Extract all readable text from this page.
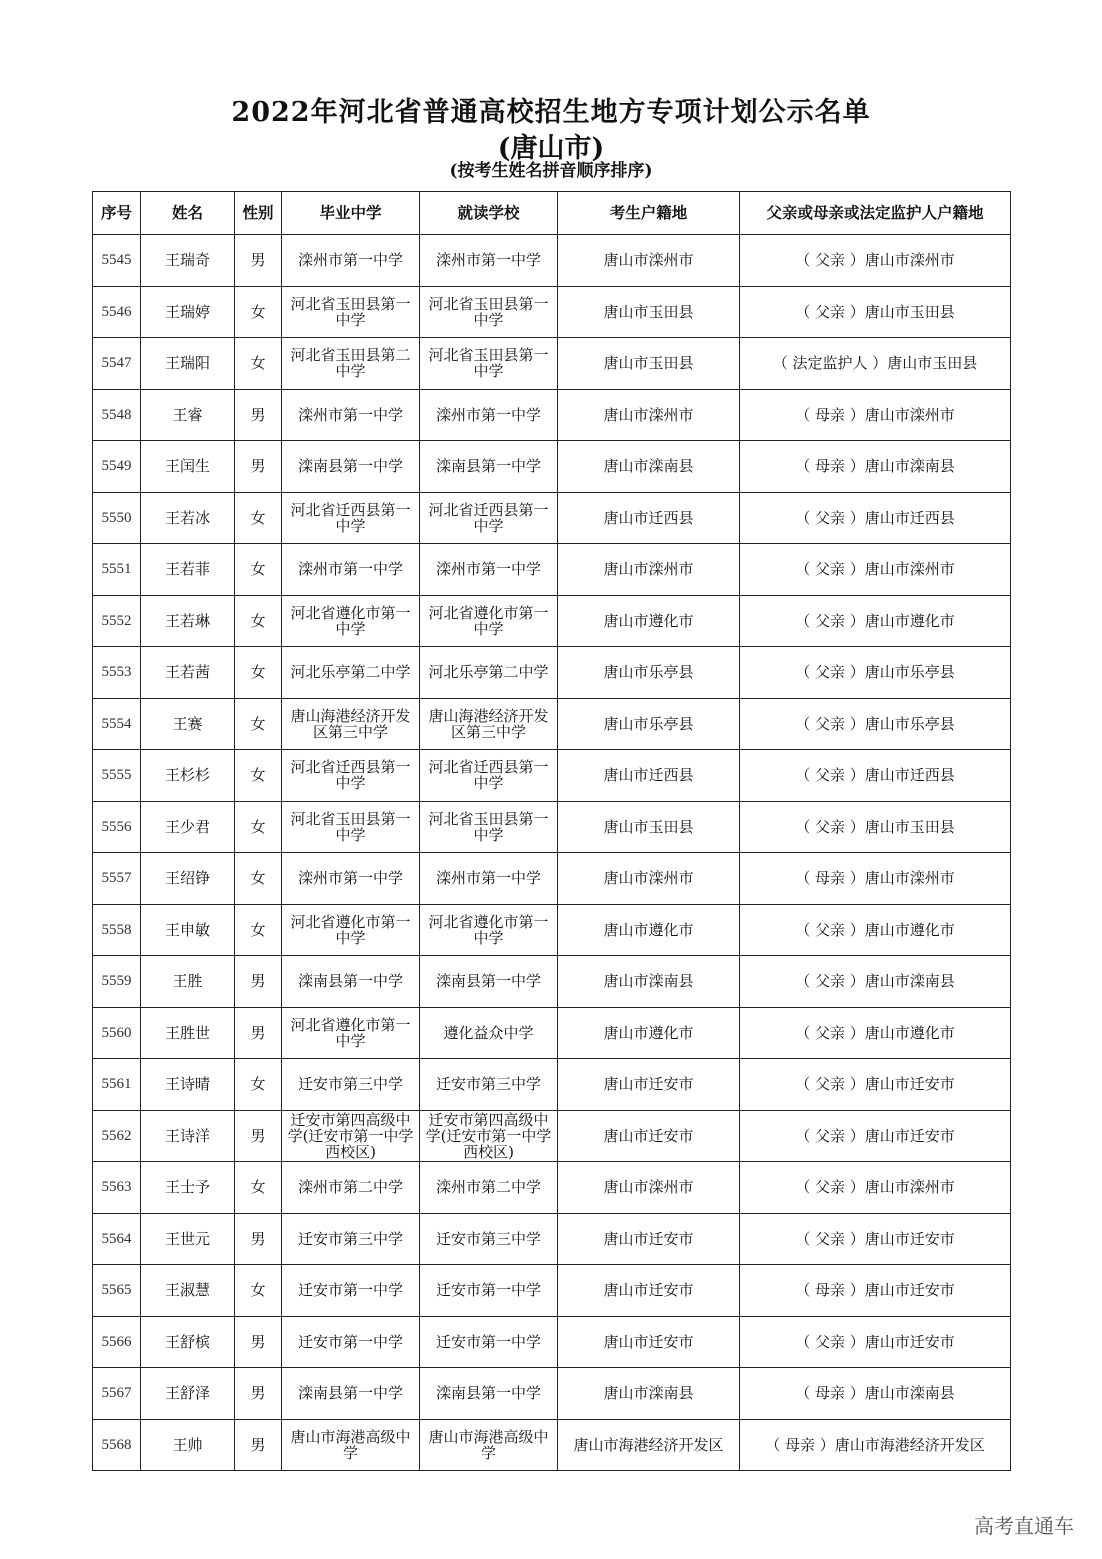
2022年河北省普通高校招生地方专项计划公示名单
(唐山市)
(按考生姓名拼音顺序排序)
序号	姓名	性别	毕业中学	就读学校	考生户籍地	父亲或母亲或法定监护人户籍地
5545	王瑞奇	男	滦州市第一中学	滦州市第一中学	唐山市滦州市	（ 父亲 ）唐山市滦州市
5546	王瑞婷	女	河北省玉田县第一中学	河北省玉田县第一中学	唐山市玉田县	（ 父亲 ）唐山市玉田县
5547	王瑞阳	女	河北省玉田县第二中学	河北省玉田县第一中学	唐山市玉田县	（ 法定监护人 ）唐山市玉田县
5548	王睿	男	滦州市第一中学	滦州市第一中学	唐山市滦州市	（ 母亲 ）唐山市滦州市
5549	王闰生	男	滦南县第一中学	滦南县第一中学	唐山市滦南县	（ 母亲 ）唐山市滦南县
5550	王若冰	女	河北省迁西县第一中学	河北省迁西县第一中学	唐山市迁西县	（ 父亲 ）唐山市迁西县
5551	王若菲	女	滦州市第一中学	滦州市第一中学	唐山市滦州市	（ 父亲 ）唐山市滦州市
5552	王若琳	女	河北省遵化市第一中学	河北省遵化市第一中学	唐山市遵化市	（ 父亲 ）唐山市遵化市
5553	王若茜	女	河北乐亭第二中学	河北乐亭第二中学	唐山市乐亭县	（ 父亲 ）唐山市乐亭县
5554	王赛	女	唐山海港经济开发区第三中学	唐山海港经济开发区第三中学	唐山市乐亭县	（ 父亲 ）唐山市乐亭县
5555	王杉杉	女	河北省迁西县第一中学	河北省迁西县第一中学	唐山市迁西县	（ 父亲 ）唐山市迁西县
5556	王少君	女	河北省玉田县第一中学	河北省玉田县第一中学	唐山市玉田县	（ 父亲 ）唐山市玉田县
5557	王绍铮	女	滦州市第一中学	滦州市第一中学	唐山市滦州市	（ 母亲 ）唐山市滦州市
5558	王申敏	女	河北省遵化市第一中学	河北省遵化市第一中学	唐山市遵化市	（ 父亲 ）唐山市遵化市
5559	王胜	男	滦南县第一中学	滦南县第一中学	唐山市滦南县	（ 父亲 ）唐山市滦南县
5560	王胜世	男	河北省遵化市第一中学	遵化益众中学	唐山市遵化市	（ 父亲 ）唐山市遵化市
5561	王诗晴	女	迁安市第三中学	迁安市第三中学	唐山市迁安市	（ 父亲 ）唐山市迁安市
5562	王诗洋	男	迁安市第四高级中学(迁安市第一中学西校区)	迁安市第四高级中学(迁安市第一中学西校区)	唐山市迁安市	（ 父亲 ）唐山市迁安市
5563	王士予	女	滦州市第二中学	滦州市第二中学	唐山市滦州市	（ 父亲 ）唐山市滦州市
5564	王世元	男	迁安市第三中学	迁安市第三中学	唐山市迁安市	（ 父亲 ）唐山市迁安市
5565	王淑慧	女	迁安市第一中学	迁安市第一中学	唐山市迁安市	（ 母亲 ）唐山市迁安市
5566	王舒槟	男	迁安市第一中学	迁安市第一中学	唐山市迁安市	（ 父亲 ）唐山市迁安市
5567	王舒泽	男	滦南县第一中学	滦南县第一中学	唐山市滦南县	（ 母亲 ）唐山市滦南县
5568	王帅	男	唐山市海港高级中学	唐山市海港高级中学	唐山市海港经济开发区	（ 母亲 ）唐山市海港经济开发区
高考直通车
